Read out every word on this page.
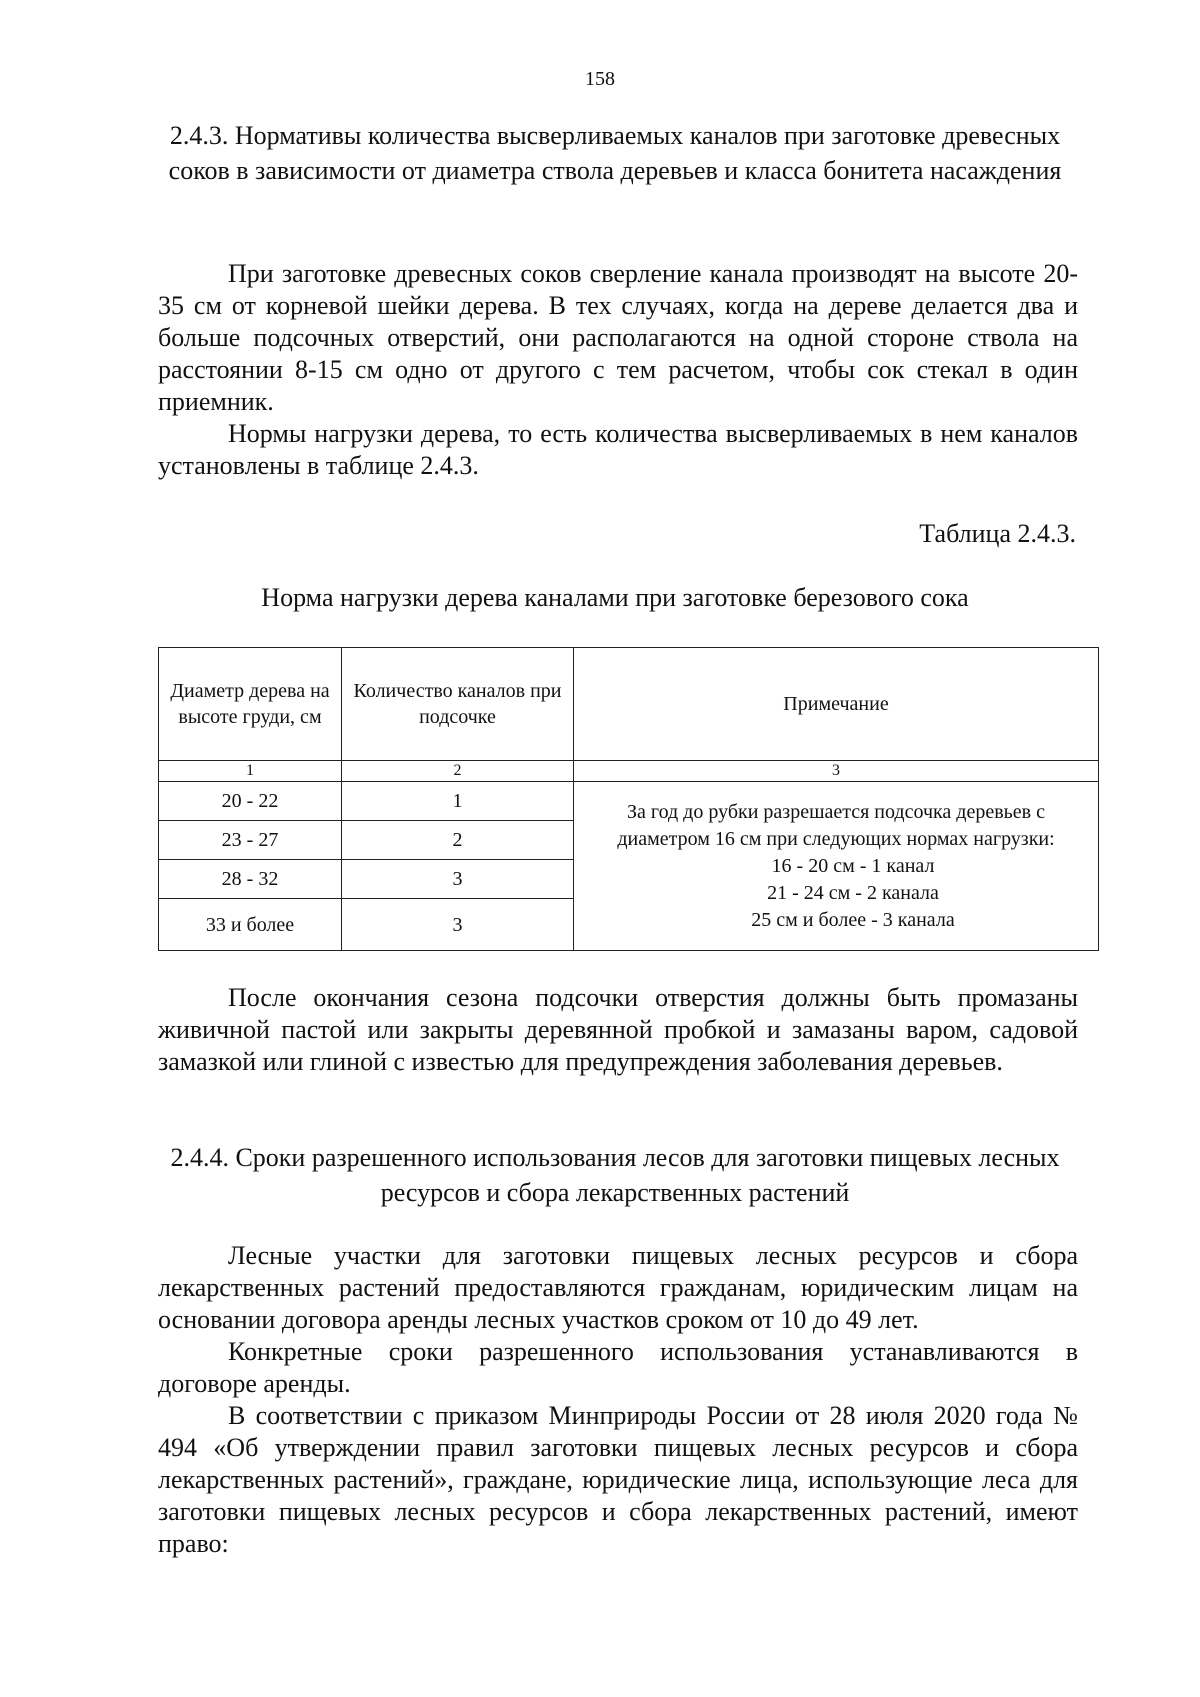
158
2.4.3. Нормативы количества высверливаемых каналов при заготовке древесных соков в зависимости от диаметра ствола деревьев и класса бонитета насаждения
При заготовке древесных соков сверление канала производят на высоте 20-35 см от корневой шейки дерева. В тех случаях, когда на дереве делается два и больше подсочных отверстий, они располагаются на одной стороне ствола на расстоянии 8-15 см одно от другого с тем расчетом, чтобы сок стекал в один приемник.
Нормы нагрузки дерева, то есть количества высверливаемых в нем каналов установлены в таблице 2.4.3.
Таблица 2.4.3.
Норма нагрузки дерева каналами при заготовке березового сока
Диаметр дерева на высоте груди, см	Количество каналов при подсочке	Примечание
1	2	3
20 - 22	1	За год до рубки разрешается подсочка деревьев с диаметром 16 см при следующих нормах нагрузки:
16 - 20 см - 1 канал
21 - 24 см - 2 канала
25 см и более - 3 канала

23 - 27	2	
28 - 32	3	
33 и более	3	
После окончания сезона подсочки отверстия должны быть промазаны живичной пастой или закрыты деревянной пробкой и замазаны варом, садовой замазкой или глиной с известью для предупреждения заболевания деревьев.
2.4.4. Сроки разрешенного использования лесов для заготовки пищевых лесных ресурсов и сбора лекарственных растений
Лесные участки для заготовки пищевых лесных ресурсов и сбора лекарственных растений предоставляются гражданам, юридическим лицам на основании договора аренды лесных участков сроком от 10 до 49 лет.
Конкретные сроки разрешенного использования устанавливаются в договоре аренды.
В соответствии с приказом Минприроды России от 28 июля 2020 года № 494 «Об утверждении правил заготовки пищевых лесных ресурсов и сбора лекарственных растений», граждане, юридические лица, использующие леса для заготовки пищевых лесных ресурсов и сбора лекарственных растений, имеют право:
